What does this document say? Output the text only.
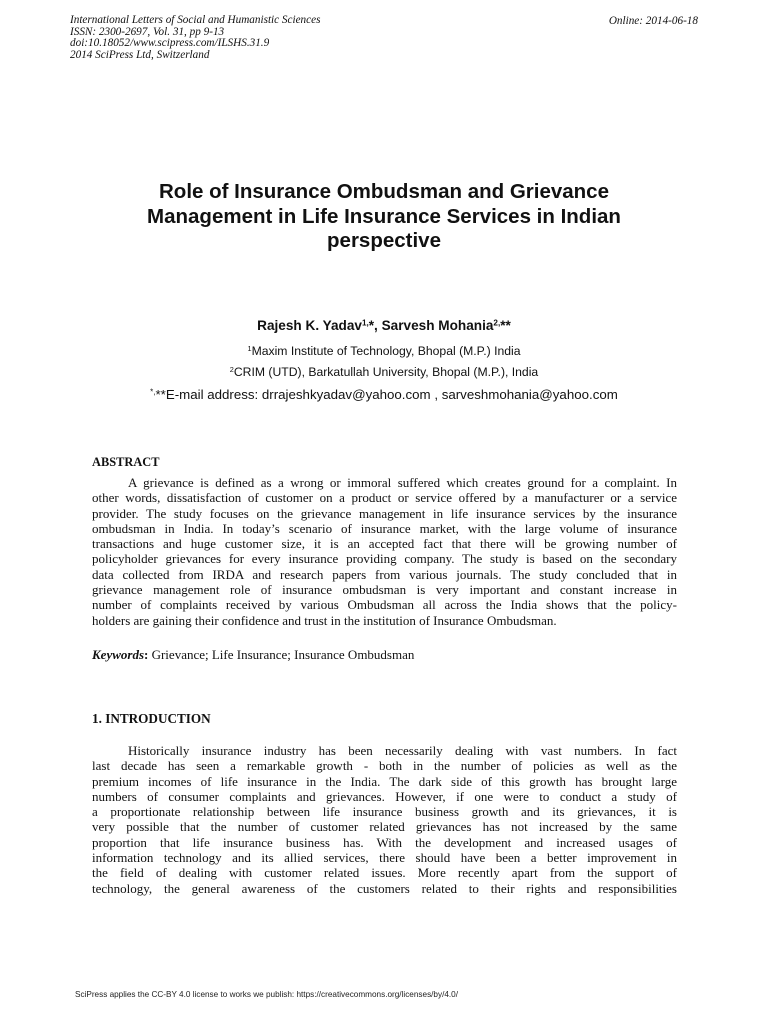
International Letters of Social and Humanistic Sciences
ISSN: 2300-2697, Vol. 31, pp 9-13
doi:10.18052/www.scipress.com/ILSHS.31.9
2014 SciPress Ltd, Switzerland
Online: 2014-06-18
Role of Insurance Ombudsman and Grievance
Management in Life Insurance Services in Indian
perspective
Rajesh K. Yadav$^{1,}$*, Sarvesh Mohania$^{2,}$**
$^1$Maxim Institute of Technology, Bhopal (M.P.) India
$^2$CRIM (UTD), Barkatullah University, Bhopal (M.P.), India
*,**E-mail address: drrajeshkyadav@yahoo.com , sarveshmohania@yahoo.com
ABSTRACT
A grievance is defined as a wrong or immoral suffered which creates ground for a complaint. In
other words, dissatisfaction of customer on a product or service offered by a manufacturer or a service
provider. The study focuses on the grievance management in life insurance services by the insurance
ombudsman in India. In today’s scenario of insurance market, with the large volume of insurance
transactions and huge customer size, it is an accepted fact that there will be growing number of
policyholder grievances for every insurance providing company. The study is based on the secondary
data collected from IRDA and research papers from various journals. The study concluded that in
grievance management role of insurance ombudsman is very important and constant increase in
number of complaints received by various Ombudsman all across the India shows that the policy-
holders are gaining their confidence and trust in the institution of Insurance Ombudsman.
Keywords: Grievance; Life Insurance; Insurance Ombudsman
1. INTRODUCTION
Historically insurance industry has been necessarily dealing with vast numbers. In fact
last decade has seen a remarkable growth - both in the number of policies as well as the
premium incomes of life insurance in the India. The dark side of this growth has brought large
numbers of consumer complaints and grievances. However, if one were to conduct a study of
a proportionate relationship between life insurance business growth and its grievances, it is
very possible that the number of customer related grievances has not increased by the same
proportion that life insurance business has. With the development and increased usages of
information technology and its allied services, there should have been a better improvement in
the field of dealing with customer related issues. More recently apart from the support of
technology, the general awareness of the customers related to their rights and responsibilities
SciPress applies the CC-BY 4.0 license to works we publish: https://creativecommons.org/licenses/by/4.0/
